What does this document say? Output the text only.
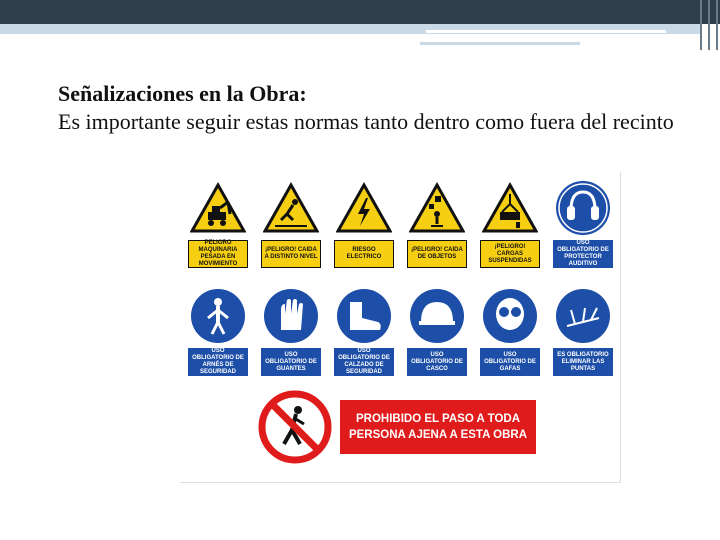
Señalizaciones en la Obra:
Es importante seguir estas normas tanto dentro como fuera del recinto
PELIGRO MAQUINARIA PESADA EN MOVIMIENTO
¡PELIGRO! CAIDA A DISTINTO NIVEL
RIESGO ELECTRICO
¡PELIGRO! CAIDA DE OBJETOS
¡PELIGRO! CARGAS SUSPENDIDAS
USO OBLIGATORIO DE PROTECTOR AUDITIVO
USO OBLIGATORIO DE ARNÉS DE SEGURIDAD
USO OBLIGATORIO DE GUANTES
USO OBLIGATORIO DE CALZADO DE SEGURIDAD
USO OBLIGATORIO DE CASCO
USO OBLIGATORIO DE GAFAS
ES OBLIGATORIO ELIMINAR LAS PUNTAS
PROHIBIDO EL PASO A TODA PERSONA AJENA A ESTA OBRA
